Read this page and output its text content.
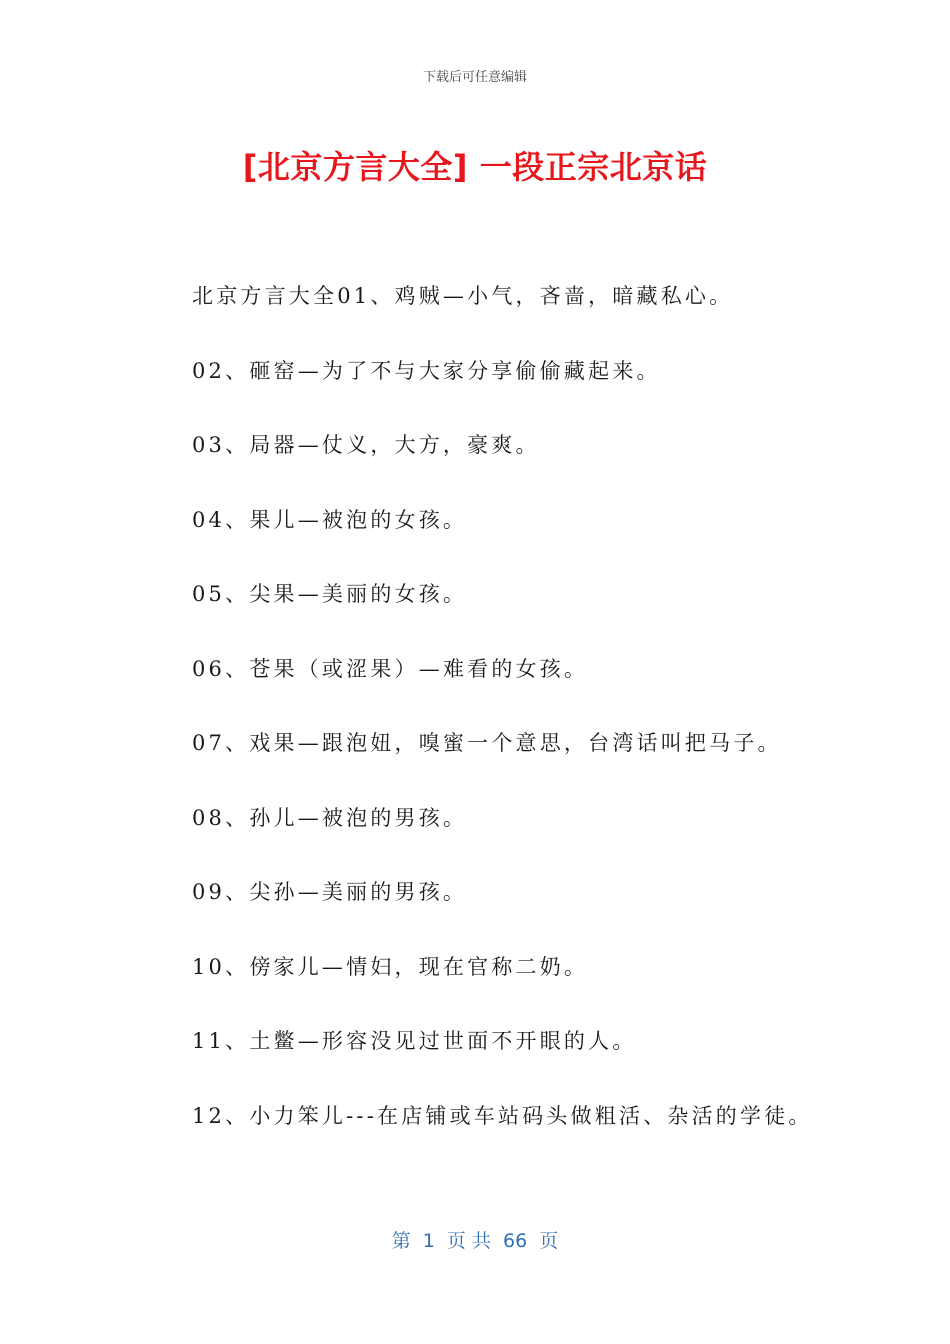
下载后可任意编辑
[北京方言大全] 一段正宗北京话
北京方言大全01、鸡贼—小气，吝啬，暗藏私心。
02、砸窑—为了不与大家分享偷偷藏起来。
03、局器—仗义，大方，豪爽。
04、果儿—被泡的女孩。
05、尖果—美丽的女孩。
06、苍果（或涩果）—难看的女孩。
07、戏果—跟泡妞，嗅蜜一个意思，台湾话叫把马子。
08、孙儿—被泡的男孩。
09、尖孙—美丽的男孩。
10、傍家儿—情妇，现在官称二奶。
11、土鳖—形容没见过世面不开眼的人。
12、小力笨儿---在店铺或车站码头做粗活、杂活的学徒。
第  1  页 共  66  页
